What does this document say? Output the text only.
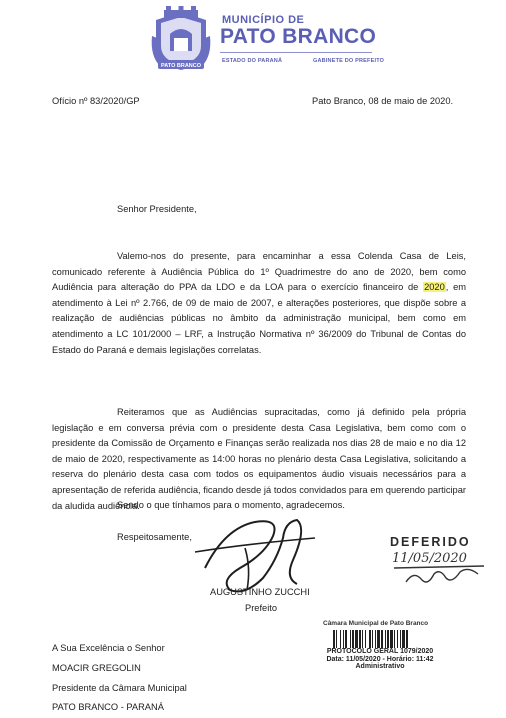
PATO BRANCO
MUNICÍPIO DE
PATO BRANCO
ESTADO DO PARANÁ	GABINETE DO PREFEITO
Ofício nº 83/2020/GP	Pato Branco, 08 de maio de 2020.
Senhor Presidente,
Valemo-nos do presente, para encaminhar a essa Colenda Casa de Leis, comunicado referente à Audiência Pública do 1º Quadrimestre do ano de 2020, bem como Audiência para alteração do PPA da LDO e da LOA para o exercício financeiro de 2020, em atendimento à Lei nº 2.766, de 09 de maio de 2007, e alterações posteriores, que dispõe sobre a realização de audiências públicas no âmbito da administração municipal, bem como em atendimento a LC 101/2000 – LRF, a Instrução Normativa nº 36/2009 do Tribunal de Contas do Estado do Paraná e demais legislações correlatas.
Reiteramos que as Audiências supracitadas, como já definido pela própria legislação e em conversa prévia com o presidente desta Casa Legislativa, bem como com o presidente da Comissão de Orçamento e Finanças serão realizada nos dias 28 de maio e no dia 12 de maio de 2020, respectivamente as 14:00 horas no plenário desta Casa Legislativa, solicitando a reserva do plenário desta casa com todos os equipamentos áudio visuais necessários para a apresentação de referida audiência, ficando desde já todos convidados para em querendo participar da aludida audiência.
Sendo o que tínhamos para o momento, agradecemos.
Respeitosamente,
AUGUSTINHO ZUCCHI
Prefeito
DEFERIDO
11/05/2020
Câmara Municipal de Pato Branco
PROTOCOLO GERAL 1079/2020
Data: 11/05/2020 - Horário: 11:42
Administrativo
A Sua Excelência o Senhor
MOACIR GREGOLIN
Presidente da Câmara Municipal
PATO BRANCO - PARANÁ
